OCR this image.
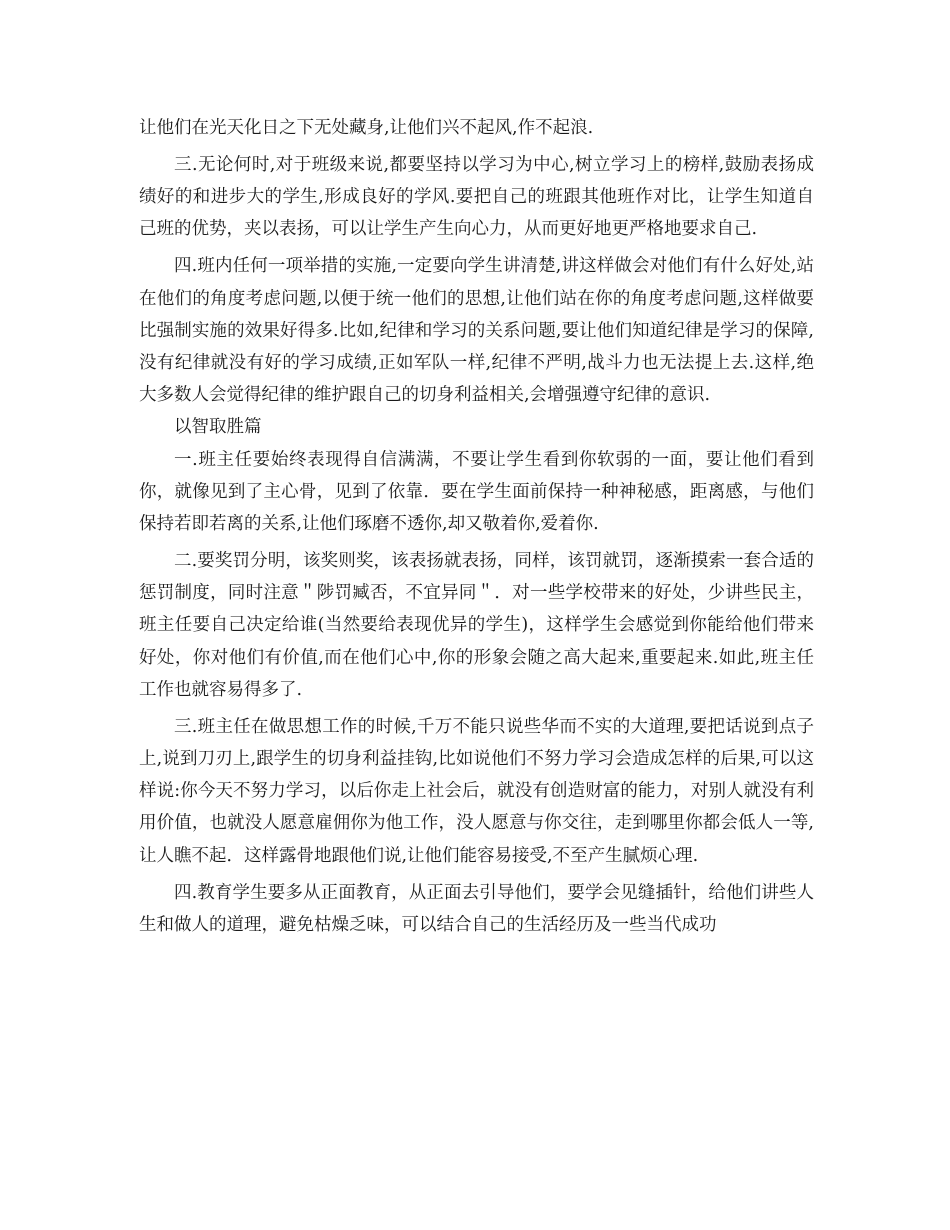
让他们在光天化日之下无处藏身,让他们兴不起风,作不起浪.

三.无论何时,对于班级来说,都要坚持以学习为中心,树立学习上的榜样,鼓励表扬成绩好的和进步大的学生,形成良好的学风.要把自己的班跟其他班作对比，让学生知道自己班的优势，夹以表扬，可以让学生产生向心力，从而更好地更严格地要求自己.

四.班内任何一项举措的实施,一定要向学生讲清楚,讲这样做会对他们有什么好处,站在他们的角度考虑问题,以便于统一他们的思想,让他们站在你的角度考虑问题,这样做要比强制实施的效果好得多.比如,纪律和学习的关系问题,要让他们知道纪律是学习的保障,没有纪律就没有好的学习成绩,正如军队一样,纪律不严明,战斗力也无法提上去.这样,绝大多数人会觉得纪律的维护跟自己的切身利益相关,会增强遵守纪律的意识.

以智取胜篇

一.班主任要始终表现得自信满满，不要让学生看到你软弱的一面，要让他们看到你，就像见到了主心骨，见到了依靠．要在学生面前保持一种神秘感，距离感，与他们保持若即若离的关系,让他们琢磨不透你,却又敬着你,爱着你.

二.要奖罚分明，该奖则奖，该表扬就表扬，同样，该罚就罚，逐渐摸索一套合适的惩罚制度，同时注意＂陟罚臧否，不宜异同＂．对一些学校带来的好处，少讲些民主，班主任要自己决定给谁(当然要给表现优异的学生)，这样学生会感觉到你能给他们带来好处，你对他们有价值,而在他们心中,你的形象会随之高大起来,重要起来.如此,班主任工作也就容易得多了.

三.班主任在做思想工作的时候,千万不能只说些华而不实的大道理,要把话说到点子上,说到刀刃上,跟学生的切身利益挂钩,比如说他们不努力学习会造成怎样的后果,可以这样说:你今天不努力学习，以后你走上社会后，就没有创造财富的能力，对别人就没有利用价值，也就没人愿意雇佣你为他工作，没人愿意与你交往，走到哪里你都会低人一等,让人瞧不起．这样露骨地跟他们说,让他们能容易接受,不至产生腻烦心理.

四.教育学生要多从正面教育，从正面去引导他们，要学会见缝插针，给他们讲些人生和做人的道理，避免枯燥乏味，可以结合自己的生活经历及一些当代成功
